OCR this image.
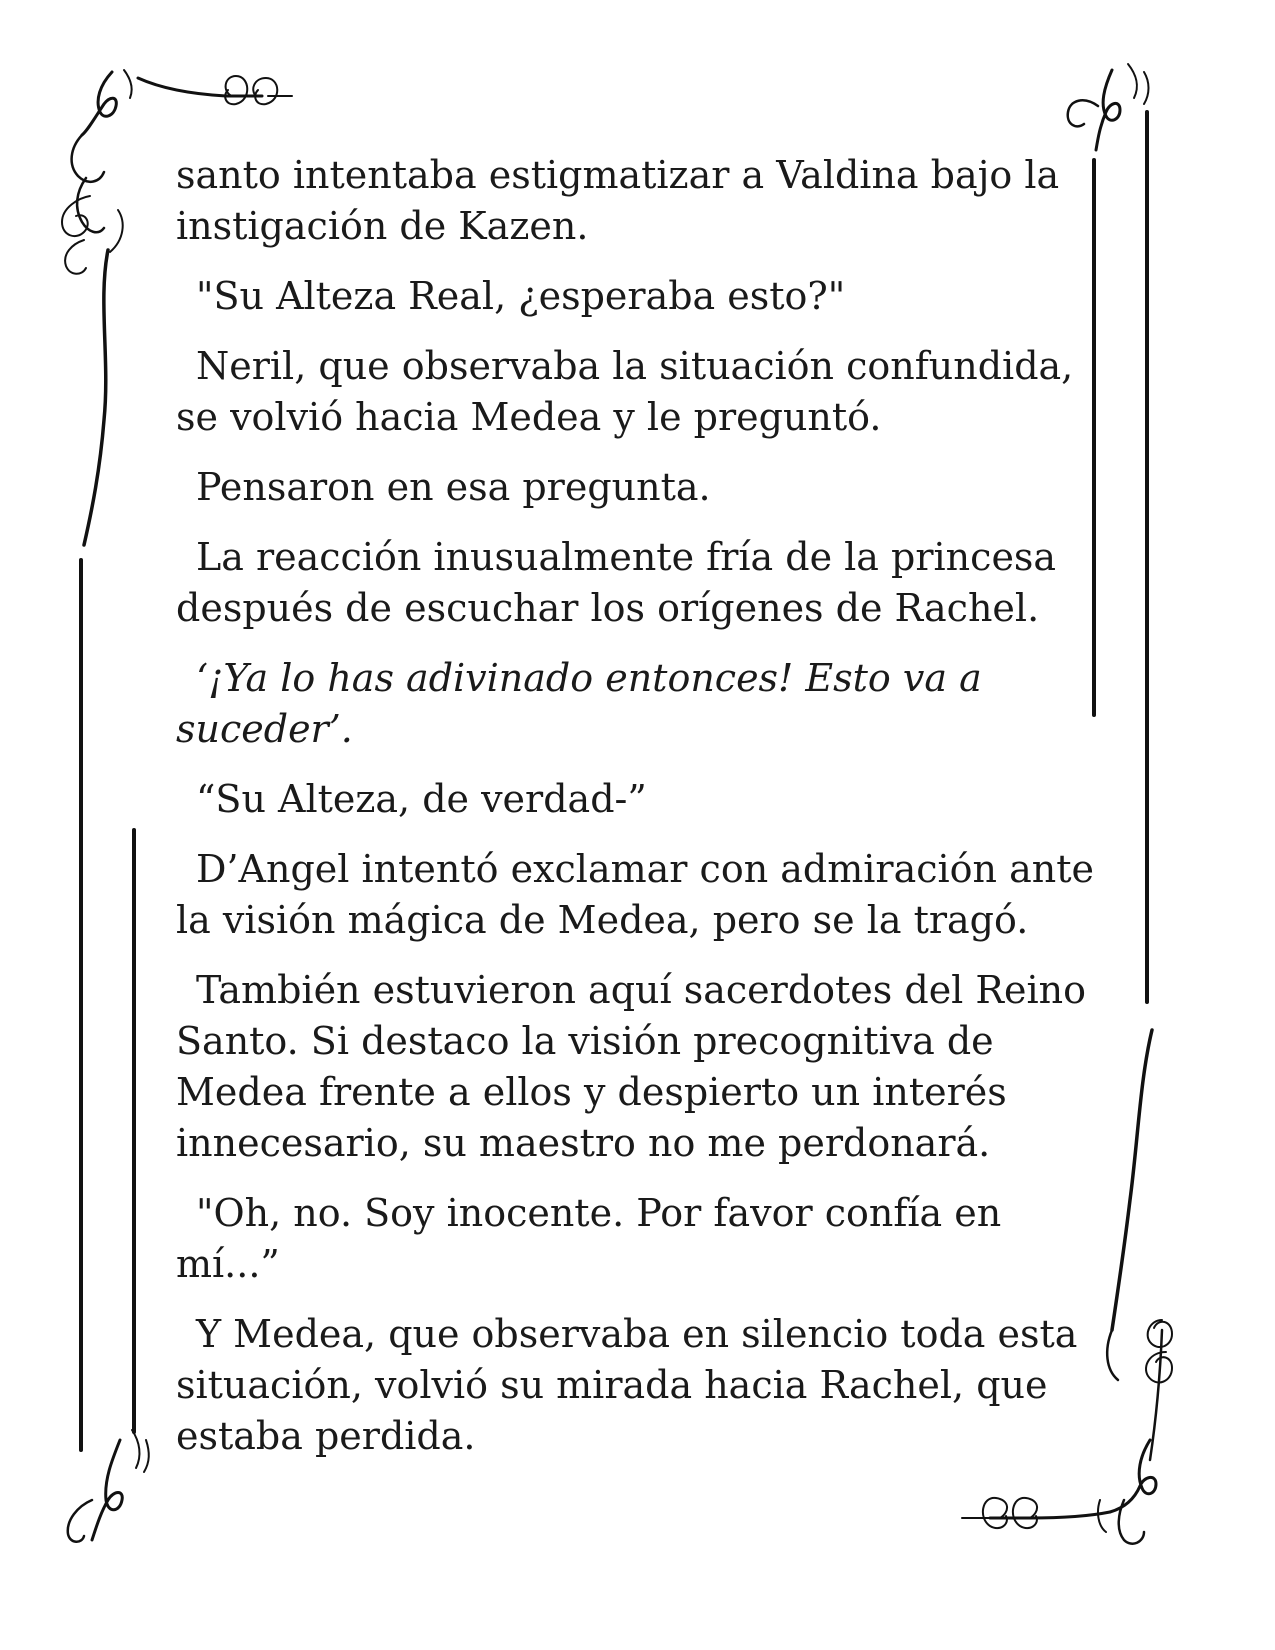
santo intentaba estigmatizar a Valdina bajo la
instigación de Kazen.

"Su Alteza Real, ¿esperaba esto?"

Neril, que observaba la situación confundida,
se volvió hacia Medea y le preguntó.

Pensaron en esa pregunta.

La reacción inusualmente fría de la princesa
después de escuchar los orígenes de Rachel.

‘¡Ya lo has adivinado entonces! Esto va a
suceder’.

“Su Alteza, de verdad-”

D’Angel intentó exclamar con admiración ante
la visión mágica de Medea, pero se la tragó.

También estuvieron aquí sacerdotes del Reino
Santo. Si destaco la visión precognitiva de
Medea frente a ellos y despierto un interés
innecesario, su maestro no me perdonará.

"Oh, no. Soy inocente. Por favor confía en
mí...”

Y Medea, que observaba en silencio toda esta
situación, volvió su mirada hacia Rachel, que
estaba perdida.
